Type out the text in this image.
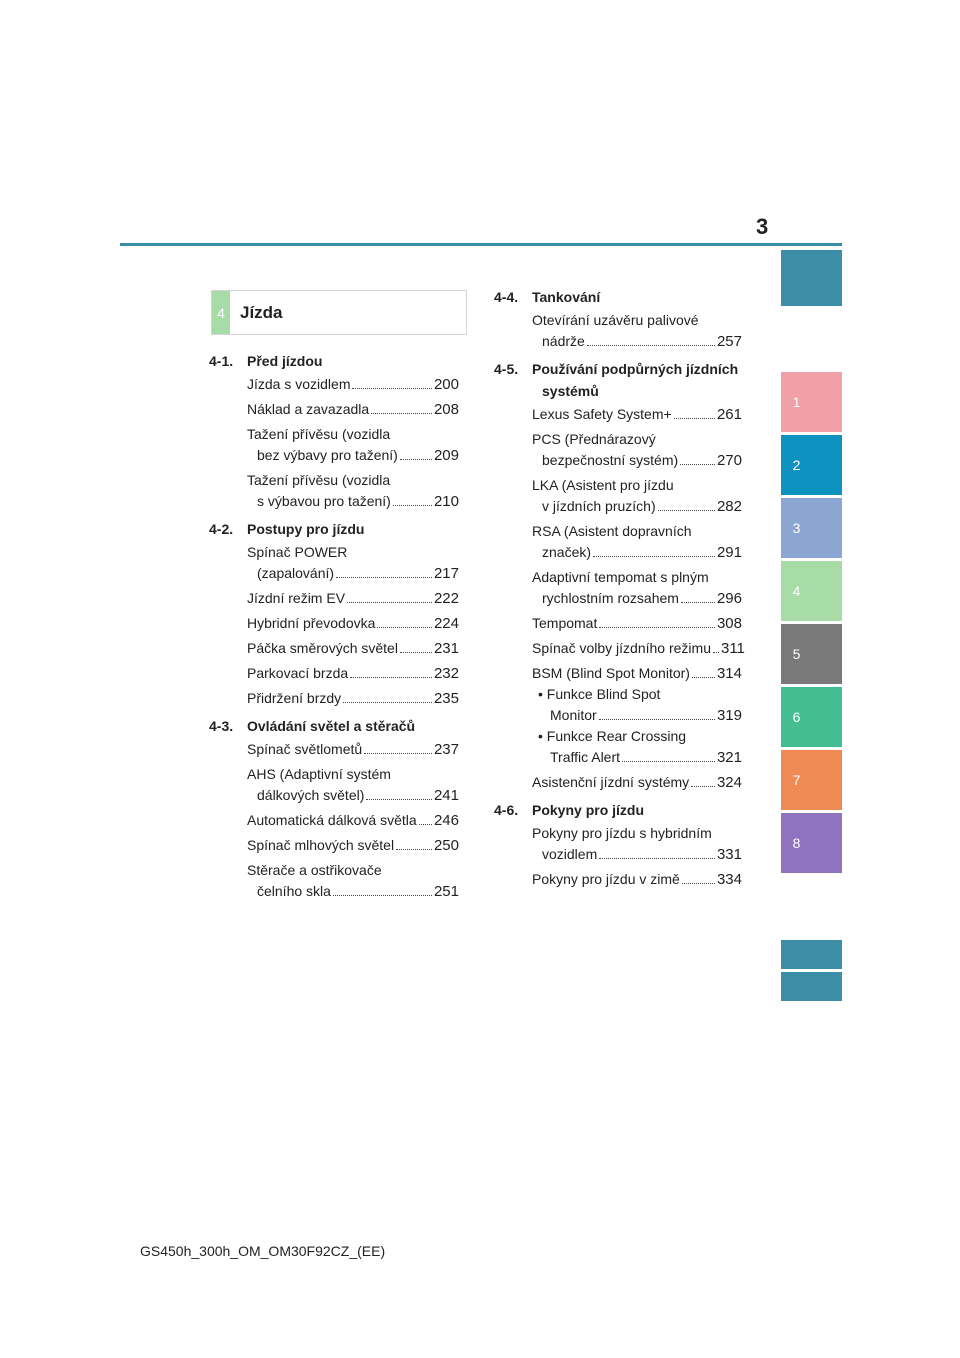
3
1
2
3
4
5
6
7
8
4 Jízda
4-1. Před jízdou
Jízda s vozidlem	200
Náklad a zavazadla	208
Tažení přívěsu (vozidla
bez výbavy pro tažení) 209
Tažení přívěsu (vozidla
s výbavou pro tažení)	210
4-2. Postupy pro jízdu
Spínač POWER
(zapalování)	217
Jízdní režim EV	222
Hybridní převodovka	224
Páčka směrových světel 231
Parkovací brzda	232
Přidržení brzdy	235
4-3. Ovládání světel a stěračů
Spínač světlometů	237
AHS (Adaptivní systém
dálkových světel)	241
Automatická dálková světla 246
Spínač mlhových světel	250
Stěrače a ostřikovače
čelního skla	251
4-4. Tankování
Otevírání uzávěru palivové
nádrže	257
4-5. Používání podpůrných jízdních
systémů
Lexus Safety System+	261
PCS (Přednárazový
bezpečnostní systém)	270
LKA (Asistent pro jízdu
v jízdních pruzích)	282
RSA (Asistent dopravních
značek)	291
Adaptivní tempomat s plným
rychlostním rozsahem	296
Tempomat	308
Spínač volby jízdního režimu 311
BSM (Blind Spot Monitor) 314
• Funkce Blind Spot
Monitor	319
• Funkce Rear Crossing
Traffic Alert	321
Asistenční jízdní systémy 324
4-6. Pokyny pro jízdu
Pokyny pro jízdu s hybridním
vozidlem	331
Pokyny pro jízdu v zimě 334
GS450h_300h_OM_OM30F92CZ_(EE)
